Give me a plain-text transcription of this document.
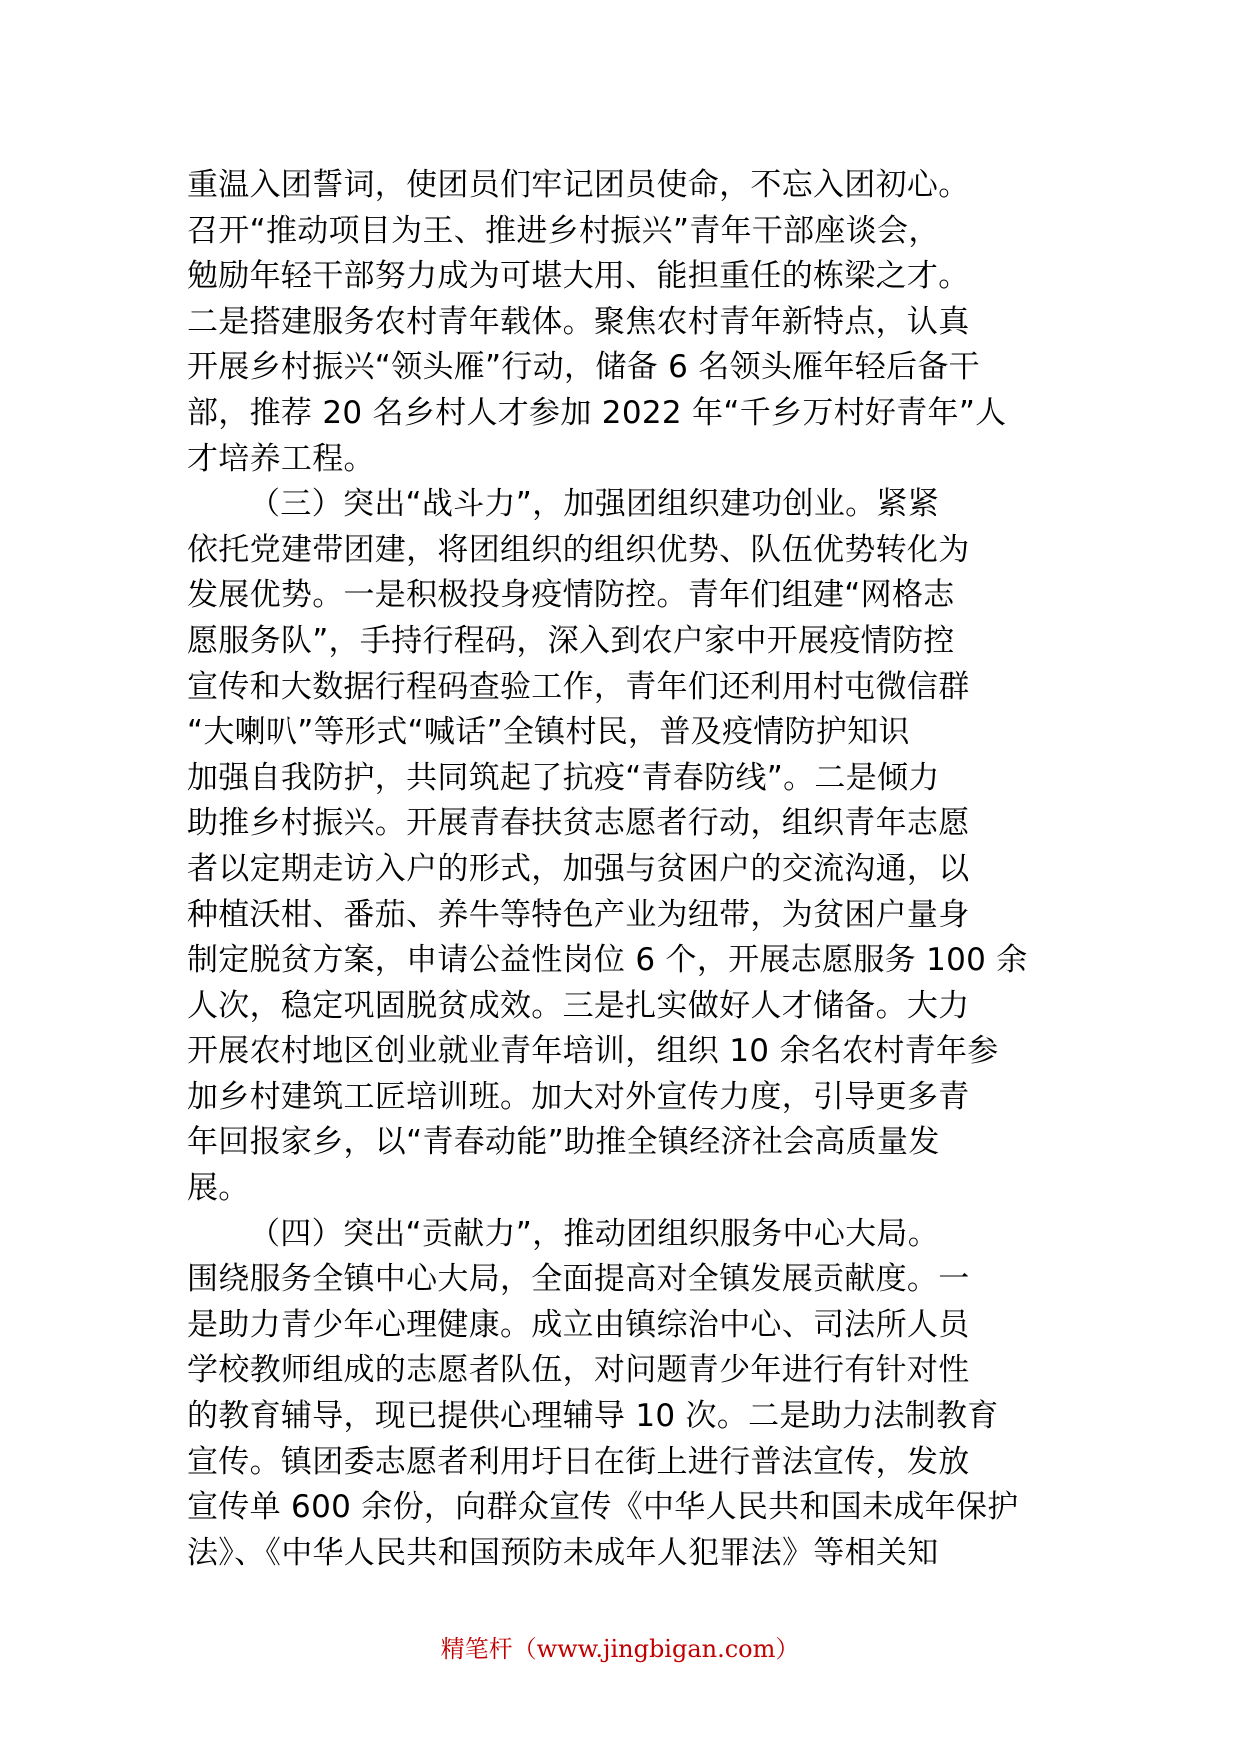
重温入团誓词，使团员们牢记团员使命，不忘入团初心。
召开“推动项目为王、推进乡村振兴”青年干部座谈会，
勉励年轻干部努力成为可堪大用、能担重任的栋梁之才。
二是搭建服务农村青年载体。聚焦农村青年新特点，认真
开展乡村振兴“领头雁”行动，储备 6 名领头雁年轻后备干
部，推荐 20 名乡村人才参加 2022 年“千乡万村好青年”人
才培养工程。
（三）突出“战斗力”，加强团组织建功创业。紧紧
依托党建带团建，将团组织的组织优势、队伍优势转化为
发展优势。一是积极投身疫情防控。青年们组建“网格志
愿服务队”，手持行程码，深入到农户家中开展疫情防控
宣传和大数据行程码查验工作，青年们还利用村屯微信群
“大喇叭”等形式“喊话”全镇村民，普及疫情防护知识
加强自我防护，共同筑起了抗疫“青春防线”。二是倾力
助推乡村振兴。开展青春扶贫志愿者行动，组织青年志愿
者以定期走访入户的形式，加强与贫困户的交流沟通，以
种植沃柑、番茄、养牛等特色产业为纽带，为贫困户量身
制定脱贫方案，申请公益性岗位 6 个，开展志愿服务 100 余
人次，稳定巩固脱贫成效。三是扎实做好人才储备。大力
开展农村地区创业就业青年培训，组织 10 余名农村青年参
加乡村建筑工匠培训班。加大对外宣传力度，引导更多青
年回报家乡，以“青春动能”助推全镇经济社会高质量发
展。
（四）突出“贡献力”，推动团组织服务中心大局。
围绕服务全镇中心大局，全面提高对全镇发展贡献度。一
是助力青少年心理健康。成立由镇综治中心、司法所人员
学校教师组成的志愿者队伍，对问题青少年进行有针对性
的教育辅导，现已提供心理辅导 10 次。二是助力法制教育
宣传。镇团委志愿者利用圩日在街上进行普法宣传，发放
宣传单 600 余份，向群众宣传《中华人民共和国未成年保护
法》、《中华人民共和国预防未成年人犯罪法》等相关知
精笔杆（www.jingbigan.com）
